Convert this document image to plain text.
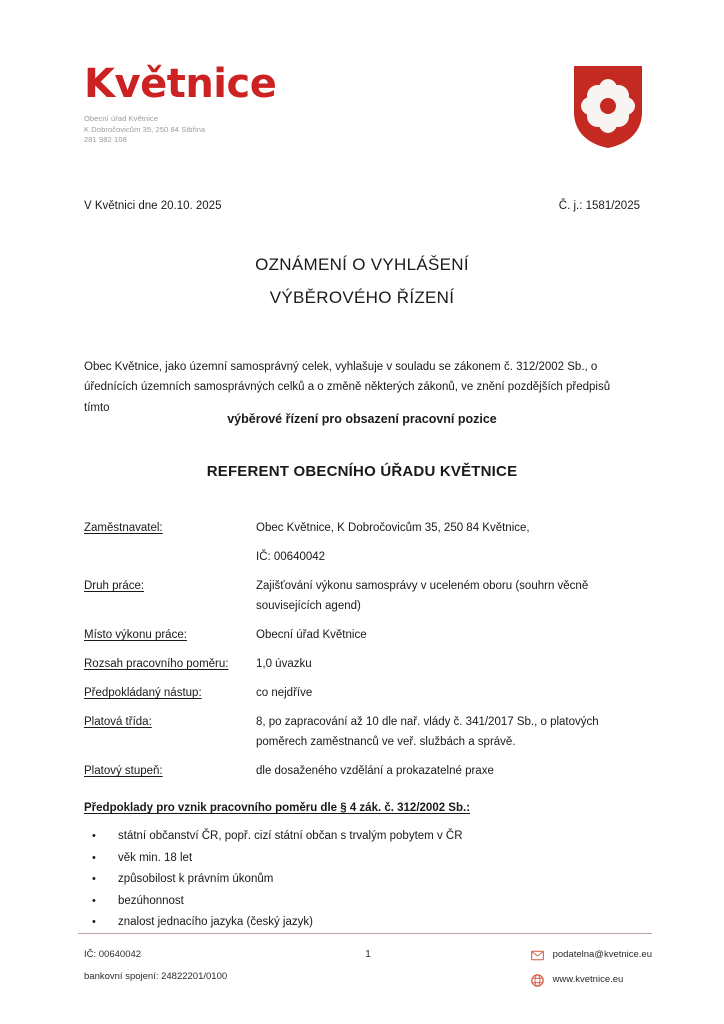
Květnice
Obecní úřad Květnice
K Dobročovicům 35, 250 84 Sibřina
281 982 108
V Květnici dne 20.10. 2025	Č. j.: 1581/2025
OZNÁMENÍ O VYHLÁŠENÍ
VÝBĚROVÉHO ŘÍZENÍ

Obec Květnice, jako územní samosprávný celek, vyhlašuje v souladu se zákonem č. 312/2002 Sb., o úřednících územních samosprávných celků a o změně některých zákonů, ve znění pozdějších předpisů tímto

výběrové řízení pro obsazení pracovní pozice
REFERENT OBECNÍHO ÚŘADU KVĚTNICE
Zaměstnavatel:	Obec Květnice, K Dobročovicům 35, 250 84 Květnice,
IČ: 00640042
Druh práce:	Zajišťování výkonu samosprávy v uceleném oboru (souhrn věcně souvisejících agend)
Místo výkonu práce:	Obecní úřad Květnice
Rozsah pracovního poměru:	1,0 úvazku
Předpokládaný nástup:	co nejdříve
Platová třída:	8, po zapracování až 10 dle nař. vlády č. 341/2017 Sb., o platových poměrech zaměstnanců ve veř. službách a správě.
Platový stupeň:	dle dosaženého vzdělání a prokazatelné praxe
Předpoklady pro vznik pracovního poměru dle § 4 zák. č. 312/2002 Sb.:
• státní občanství ČR, popř. cizí státní občan s trvalým pobytem v ČR
• věk min. 18 let
• způsobilost k právním úkonům
• bezúhonnost
• znalost jednacího jazyka (český jazyk)
IČ: 00640042
bankovní spojení: 24822201/0100
1	podatelna@kvetnice.eu
www.kvetnice.eu
